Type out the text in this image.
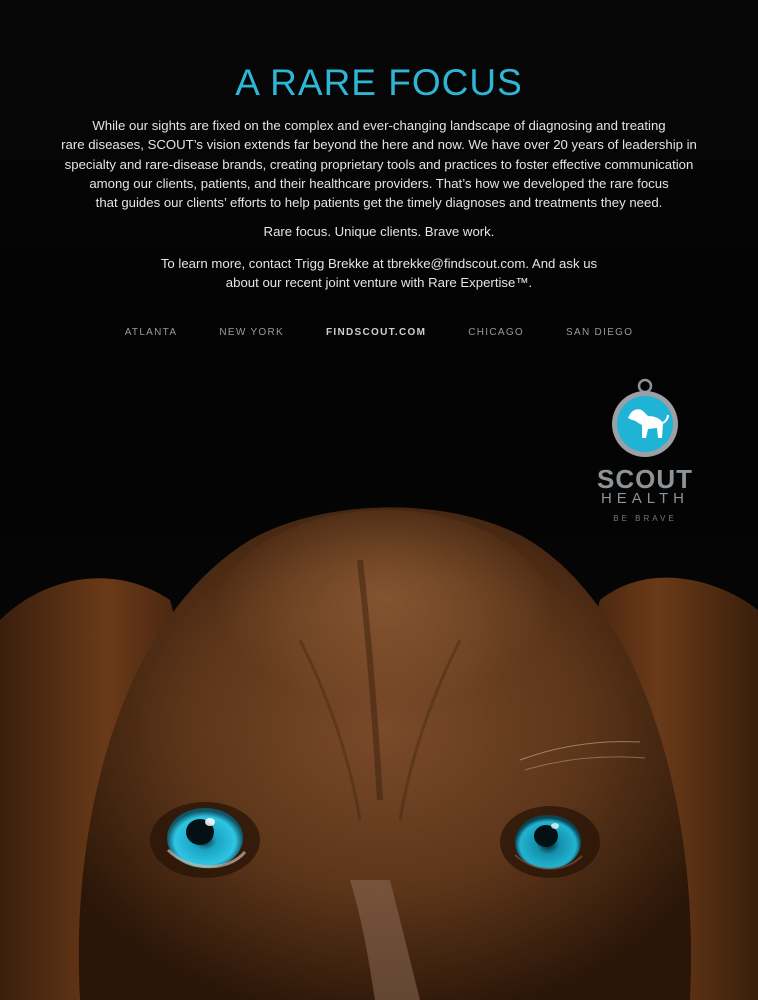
A RARE FOCUS

While our sights are fixed on the complex and ever-changing landscape of diagnosing and treating
rare diseases, SCOUT’s vision extends far beyond the here and now. We have over 20 years of leadership in
specialty and rare-disease brands, creating proprietary tools and practices to foster effective communication
among our clients, patients, and their healthcare providers. That’s how we developed the rare focus
that guides our clients’ efforts to help patients get the timely diagnoses and treatments they need.

Rare focus. Unique clients. Brave work.

To learn more, contact Trigg Brekke at tbrekke@findscout.com. And ask us
about our recent joint venture with Rare Expertise™.

ATLANTA	NEW YORK	FINDSCOUT.COM	CHICAGO	SAN DIEGO
SCOUT
HEALTH
BE BRAVE
